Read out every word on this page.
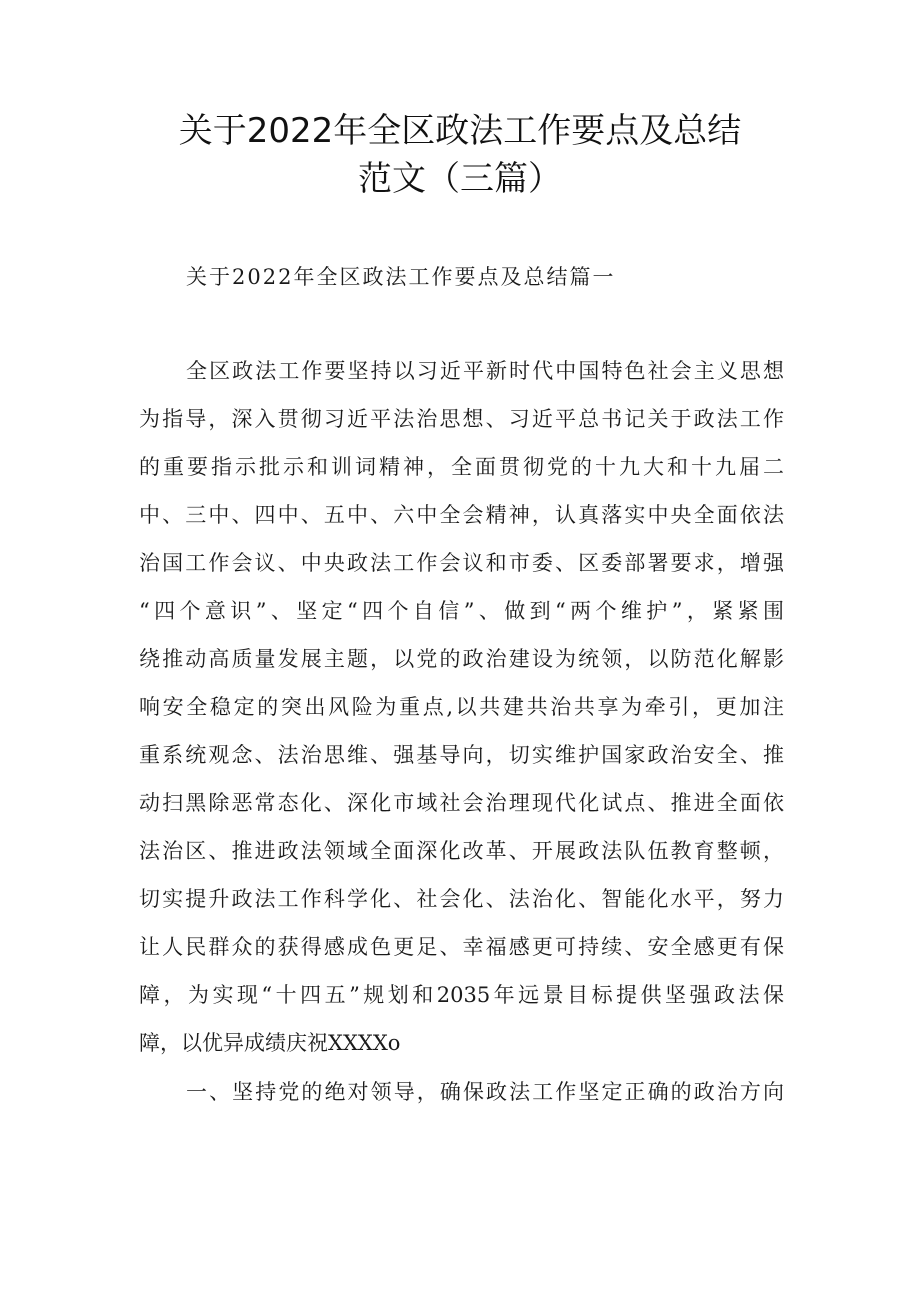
关于2022年全区政法工作要点及总结
范文（三篇）
关于2022年全区政法工作要点及总结篇一
全区政法工作要坚持以习近平新时代中国特色社会主义思想
为指导，深入贯彻习近平法治思想、习近平总书记关于政法工作
的重要指示批示和训词精神，全面贯彻党的十九大和十九届二
中、三中、四中、五中、六中全会精神，认真落实中央全面依法
治国工作会议、中央政法工作会议和市委、区委部署要求，增强
“四个意识”、坚定“四个自信”、做到“两个维护”，紧紧围
绕推动高质量发展主题，以党的政治建设为统领，以防范化解影
响安全稳定的突出风险为重点,以共建共治共享为牵引，更加注
重系统观念、法治思维、强基导向，切实维护国家政治安全、推
动扫黑除恶常态化、深化市域社会治理现代化试点、推进全面依
法治区、推进政法领域全面深化改革、开展政法队伍教育整顿，
切实提升政法工作科学化、社会化、法治化、智能化水平，努力
让人民群众的获得感成色更足、幸福感更可持续、安全感更有保
障，为实现“十四五”规划和2035年远景目标提供坚强政法保
障，以优异成绩庆祝XXXXo
一、坚持党的绝对领导，确保政法工作坚定正确的政治方向
